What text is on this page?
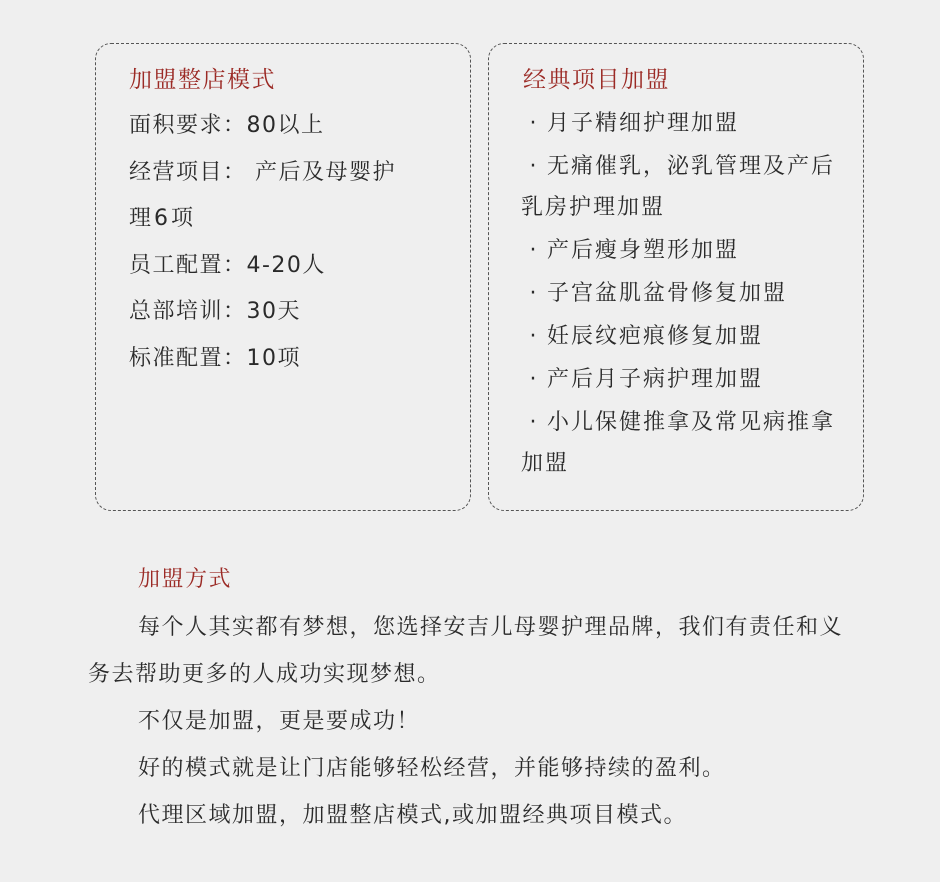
加盟整店模式
面积要求：80以上
经营项目： 产后及母婴护
理6项
员工配置：4-20人
总部培训：30天
标准配置：10项
经典项目加盟
· 月子精细护理加盟
· 无痛催乳，泌乳管理及产后乳房护理加盟
· 产后瘦身塑形加盟
· 子宫盆肌盆骨修复加盟
· 妊辰纹疤痕修复加盟
· 产后月子病护理加盟
· 小儿保健推拿及常见病推拿加盟
加盟方式

每个人其实都有梦想，您选择安吉儿母婴护理品牌，我们有责任和义务去帮助更多的人成功实现梦想。

不仅是加盟，更是要成功！

好的模式就是让门店能够轻松经营，并能够持续的盈利。

代理区域加盟，加盟整店模式,或加盟经典项目模式。
